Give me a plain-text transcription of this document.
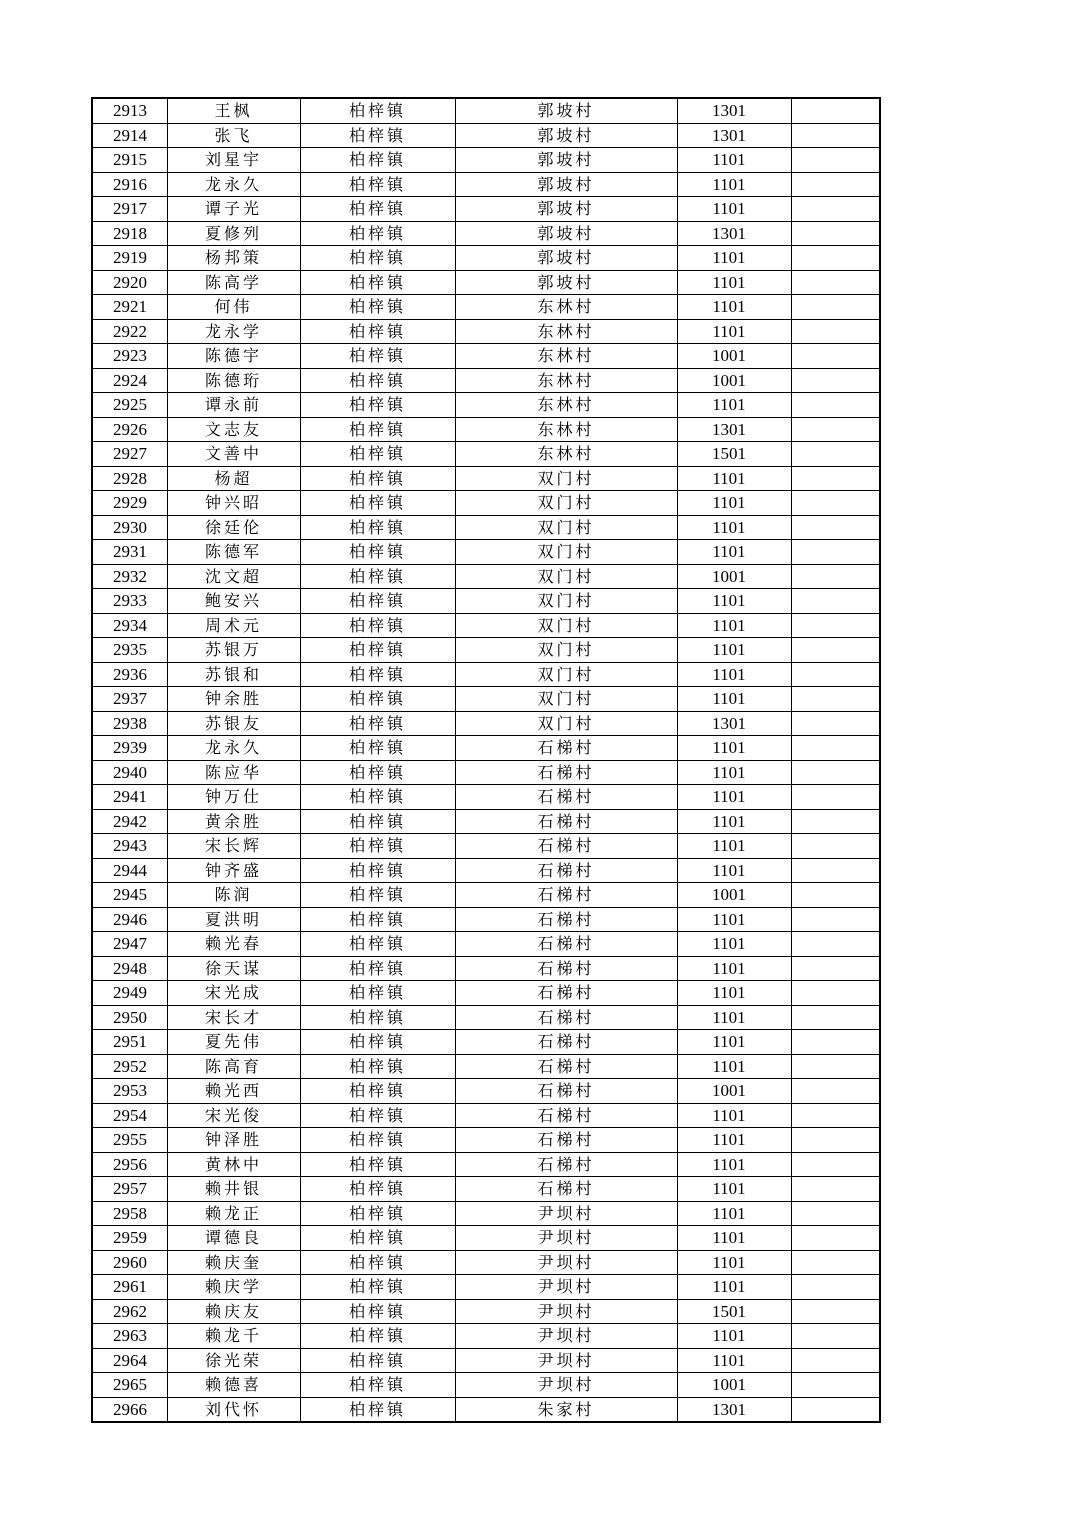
2913	王枫	柏梓镇	郭坡村	1301	
2914	张飞	柏梓镇	郭坡村	1301	
2915	刘星宇	柏梓镇	郭坡村	1101	
2916	龙永久	柏梓镇	郭坡村	1101	
2917	谭子光	柏梓镇	郭坡村	1101	
2918	夏修列	柏梓镇	郭坡村	1301	
2919	杨邦策	柏梓镇	郭坡村	1101	
2920	陈高学	柏梓镇	郭坡村	1101	
2921	何伟	柏梓镇	东林村	1101	
2922	龙永学	柏梓镇	东林村	1101	
2923	陈德宇	柏梓镇	东林村	1001	
2924	陈德珩	柏梓镇	东林村	1001	
2925	谭永前	柏梓镇	东林村	1101	
2926	文志友	柏梓镇	东林村	1301	
2927	文善中	柏梓镇	东林村	1501	
2928	杨超	柏梓镇	双门村	1101	
2929	钟兴昭	柏梓镇	双门村	1101	
2930	徐廷伦	柏梓镇	双门村	1101	
2931	陈德军	柏梓镇	双门村	1101	
2932	沈文超	柏梓镇	双门村	1001	
2933	鲍安兴	柏梓镇	双门村	1101	
2934	周术元	柏梓镇	双门村	1101	
2935	苏银万	柏梓镇	双门村	1101	
2936	苏银和	柏梓镇	双门村	1101	
2937	钟余胜	柏梓镇	双门村	1101	
2938	苏银友	柏梓镇	双门村	1301	
2939	龙永久	柏梓镇	石梯村	1101	
2940	陈应华	柏梓镇	石梯村	1101	
2941	钟万仕	柏梓镇	石梯村	1101	
2942	黄余胜	柏梓镇	石梯村	1101	
2943	宋长辉	柏梓镇	石梯村	1101	
2944	钟齐盛	柏梓镇	石梯村	1101	
2945	陈润	柏梓镇	石梯村	1001	
2946	夏洪明	柏梓镇	石梯村	1101	
2947	赖光春	柏梓镇	石梯村	1101	
2948	徐天谋	柏梓镇	石梯村	1101	
2949	宋光成	柏梓镇	石梯村	1101	
2950	宋长才	柏梓镇	石梯村	1101	
2951	夏先伟	柏梓镇	石梯村	1101	
2952	陈高育	柏梓镇	石梯村	1101	
2953	赖光西	柏梓镇	石梯村	1001	
2954	宋光俊	柏梓镇	石梯村	1101	
2955	钟泽胜	柏梓镇	石梯村	1101	
2956	黄林中	柏梓镇	石梯村	1101	
2957	赖井银	柏梓镇	石梯村	1101	
2958	赖龙正	柏梓镇	尹坝村	1101	
2959	谭德良	柏梓镇	尹坝村	1101	
2960	赖庆奎	柏梓镇	尹坝村	1101	
2961	赖庆学	柏梓镇	尹坝村	1101	
2962	赖庆友	柏梓镇	尹坝村	1501	
2963	赖龙千	柏梓镇	尹坝村	1101	
2964	徐光荣	柏梓镇	尹坝村	1101	
2965	赖德喜	柏梓镇	尹坝村	1001	
2966	刘代怀	柏梓镇	朱家村	1301	
